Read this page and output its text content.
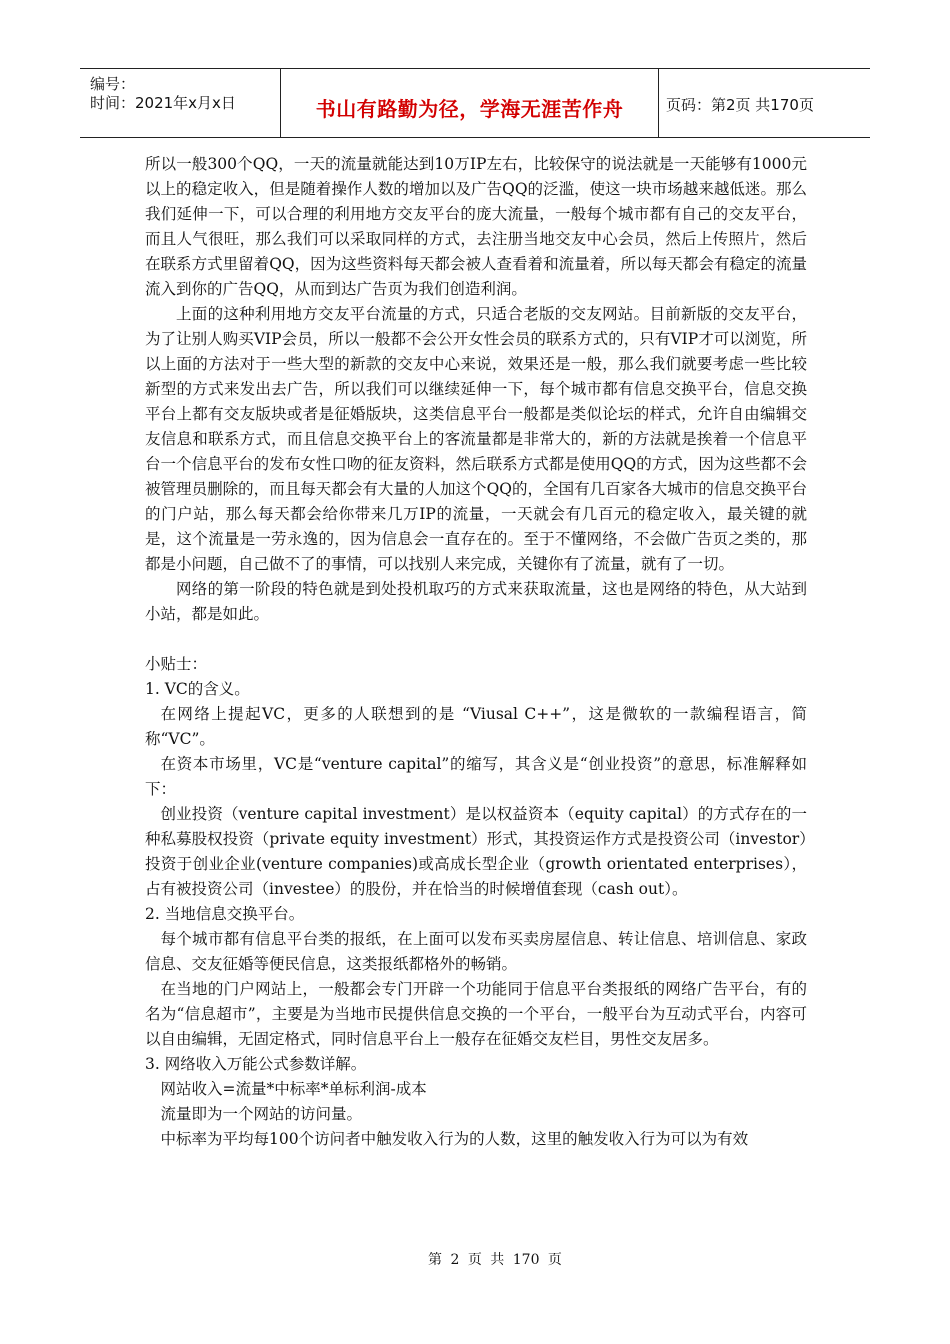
编号：
时间：2021年x月x日	书山有路勤为径，学海无涯苦作舟	页码：第2页 共170页

所以一般300个QQ，一天的流量就能达到10万IP左右，比较保守的说法就是一天能够有1000元以上的稳定收入，但是随着操作人数的增加以及广告QQ的泛滥，使这一块市场越来越低迷。那么我们延伸一下，可以合理的利用地方交友平台的庞大流量，一般每个城市都有自己的交友平台，而且人气很旺，那么我们可以采取同样的方式，去注册当地交友中心会员，然后上传照片，然后在联系方式里留着QQ，因为这些资料每天都会被人查看着和流量着，所以每天都会有稳定的流量流入到你的广告QQ，从而到达广告页为我们创造利润。

上面的这种利用地方交友平台流量的方式，只适合老版的交友网站。目前新版的交友平台，为了让别人购买VIP会员，所以一般都不会公开女性会员的联系方式的，只有VIP才可以浏览，所以上面的方法对于一些大型的新款的交友中心来说，效果还是一般，那么我们就要考虑一些比较新型的方式来发出去广告，所以我们可以继续延伸一下，每个城市都有信息交换平台，信息交换平台上都有交友版块或者是征婚版块，这类信息平台一般都是类似论坛的样式，允许自由编辑交友信息和联系方式，而且信息交换平台上的客流量都是非常大的，新的方法就是挨着一个信息平台一个信息平台的发布女性口吻的征友资料，然后联系方式都是使用QQ的方式，因为这些都不会被管理员删除的，而且每天都会有大量的人加这个QQ的，全国有几百家各大城市的信息交换平台的门户站，那么每天都会给你带来几万IP的流量，一天就会有几百元的稳定收入，最关键的就是，这个流量是一劳永逸的，因为信息会一直存在的。至于不懂网络，不会做广告页之类的，那都是小问题，自己做不了的事情，可以找别人来完成，关键你有了流量，就有了一切。

网络的第一阶段的特色就是到处投机取巧的方式来获取流量，这也是网络的特色，从大站到小站，都是如此。

小贴士：

1. VC的含义。

在网络上提起VC，更多的人联想到的是 “Viusal C++”，这是微软的一款编程语言，简称“VC”。

在资本市场里，VC是“venture capital”的缩写，其含义是“创业投资”的意思，标准解释如下：

创业投资（venture capital investment）是以权益资本（equity capital）的方式存在的一种私募股权投资（private equity investment）形式，其投资运作方式是投资公司（investor）投资于创业企业(venture companies)或高成长型企业（growth orientated enterprises），占有被投资公司（investee）的股份，并在恰当的时候增值套现（cash out）。

2. 当地信息交换平台。

每个城市都有信息平台类的报纸，在上面可以发布买卖房屋信息、转让信息、培训信息、家政信息、交友征婚等便民信息，这类报纸都格外的畅销。

在当地的门户网站上，一般都会专门开辟一个功能同于信息平台类报纸的网络广告平台，有的名为“信息超市”，主要是为当地市民提供信息交换的一个平台，一般平台为互动式平台，内容可以自由编辑，无固定格式，同时信息平台上一般存在征婚交友栏目，男性交友居多。

3. 网络收入万能公式参数详解。

网站收入=流量*中标率*单标利润-成本

流量即为一个网站的访问量。

中标率为平均每100个访问者中触发收入行为的人数，这里的触发收入行为可以为有效

第 2 页 共 170 页
